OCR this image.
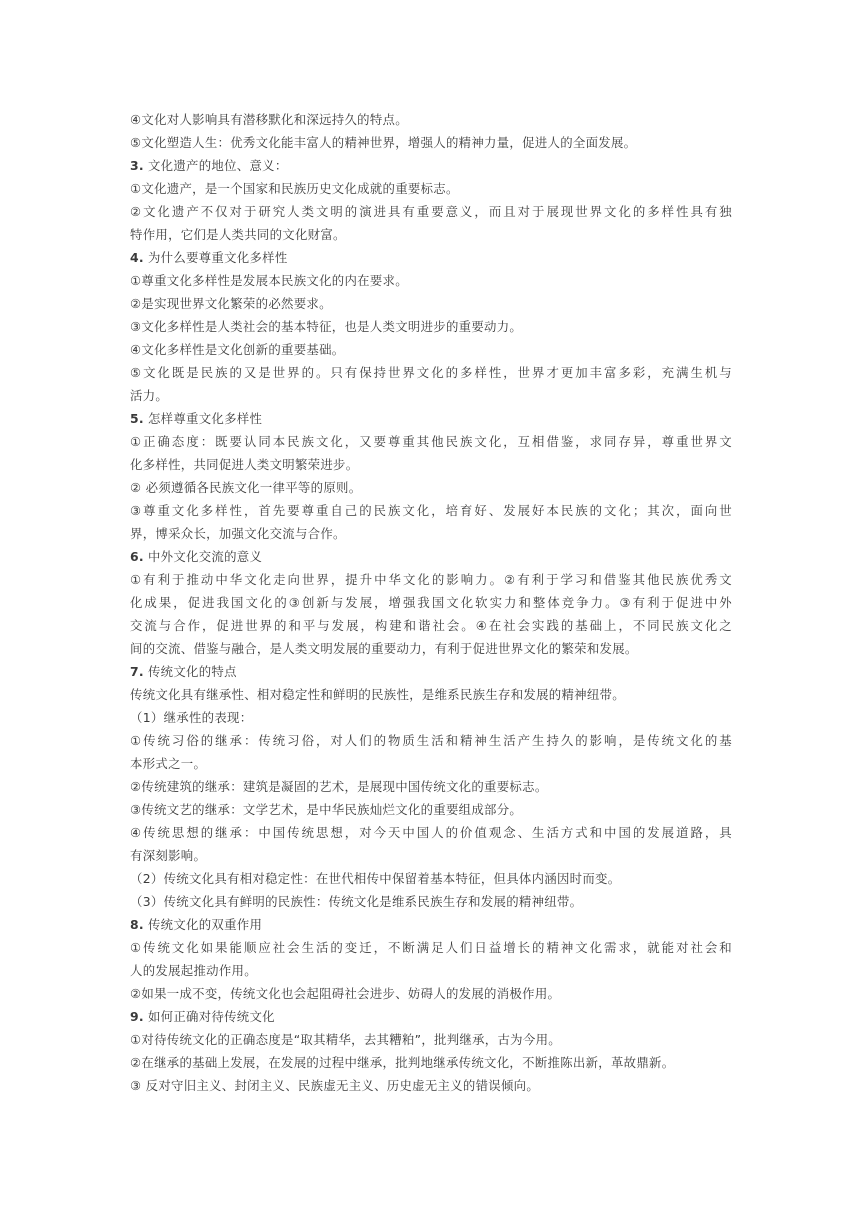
④文化对人影响具有潜移默化和深远持久的特点。
⑤文化塑造人生：优秀文化能丰富人的精神世界，增强人的精神力量，促进人的全面发展。
3. 文化遗产的地位、意义：
①文化遗产，是一个国家和民族历史文化成就的重要标志。
②文化遗产不仅对于研究人类文明的演进具有重要意义，而且对于展现世界文化的多样性具有独
特作用，它们是人类共同的文化财富。
4. 为什么要尊重文化多样性
①尊重文化多样性是发展本民族文化的内在要求。
②是实现世界文化繁荣的必然要求。
③文化多样性是人类社会的基本特征，也是人类文明进步的重要动力。
④文化多样性是文化创新的重要基础。
⑤文化既是民族的又是世界的。只有保持世界文化的多样性，世界才更加丰富多彩，充满生机与
活力。
5. 怎样尊重文化多样性
①正确态度：既要认同本民族文化，又要尊重其他民族文化，互相借鉴，求同存异，尊重世界文
化多样性，共同促进人类文明繁荣进步。
② 必须遵循各民族文化一律平等的原则。
③尊重文化多样性，首先要尊重自己的民族文化，培育好、发展好本民族的文化；其次，面向世
界，博采众长，加强文化交流与合作。
6. 中外文化交流的意义
①有利于推动中华文化走向世界，提升中华文化的影响力。②有利于学习和借鉴其他民族优秀文
化成果，促进我国文化的③创新与发展，增强我国文化软实力和整体竞争力。③有利于促进中外
交流与合作，促进世界的和平与发展，构建和谐社会。④在社会实践的基础上，不同民族文化之
间的交流、借鉴与融合，是人类文明发展的重要动力，有利于促进世界文化的繁荣和发展。
7. 传统文化的特点
传统文化具有继承性、相对稳定性和鲜明的民族性，是维系民族生存和发展的精神纽带。
（1）继承性的表现：
①传统习俗的继承：传统习俗，对人们的物质生活和精神生活产生持久的影响，是传统文化的基
本形式之一。
②传统建筑的继承：建筑是凝固的艺术，是展现中国传统文化的重要标志。
③传统文艺的继承：文学艺术，是中华民族灿烂文化的重要组成部分。
④传统思想的继承：中国传统思想，对今天中国人的价值观念、生活方式和中国的发展道路，具
有深刻影响。
（2）传统文化具有相对稳定性：在世代相传中保留着基本特征，但具体内涵因时而变。
（3）传统文化具有鲜明的民族性：传统文化是维系民族生存和发展的精神纽带。
8. 传统文化的双重作用
①传统文化如果能顺应社会生活的变迁，不断满足人们日益增长的精神文化需求，就能对社会和
人的发展起推动作用。
②如果一成不变，传统文化也会起阻碍社会进步、妨碍人的发展的消极作用。
9. 如何正确对待传统文化
①对待传统文化的正确态度是“取其精华，去其糟粕”，批判继承，古为今用。
②在继承的基础上发展，在发展的过程中继承，批判地继承传统文化，不断推陈出新，革故鼎新。
③ 反对守旧主义、封闭主义、民族虚无主义、历史虚无主义的错误倾向。
